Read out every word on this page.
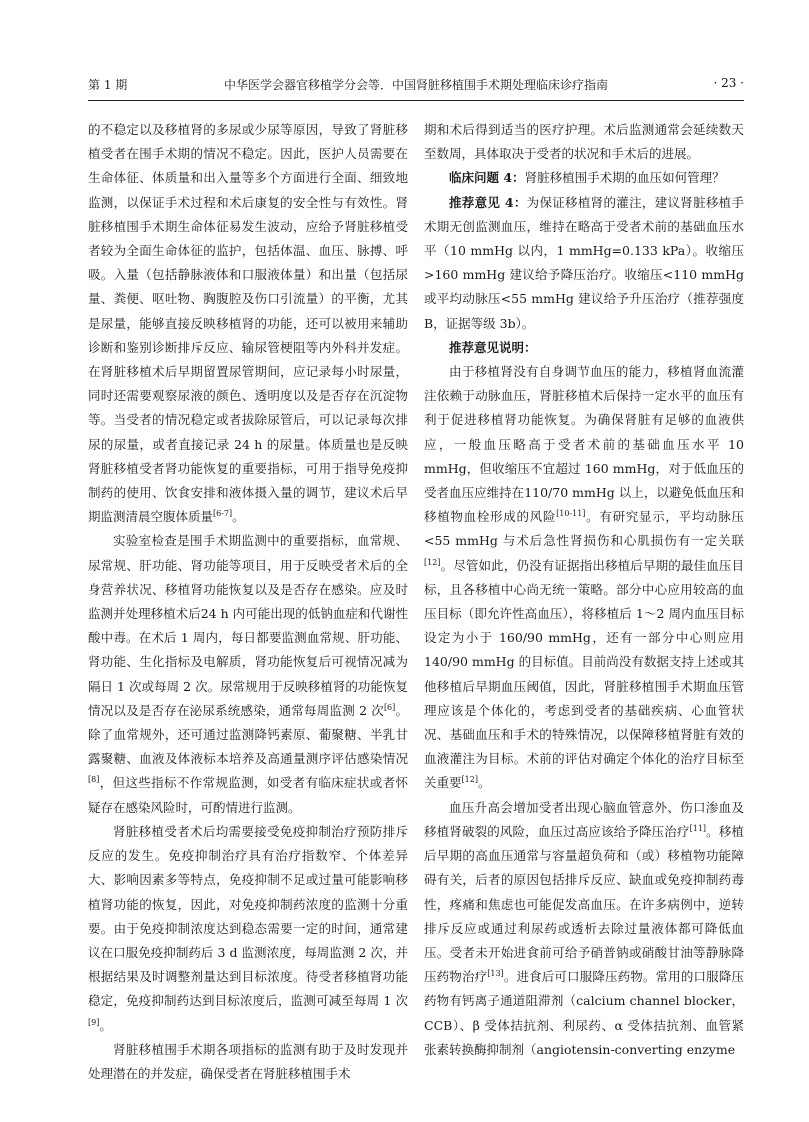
第 1 期	中华医学会器官移植学分会等．中国肾脏移植围手术期处理临床诊疗指南	· 23 ·

的不稳定以及移植肾的多尿或少尿等原因，导致了肾脏移植受者在围手术期的情况不稳定。因此，医护人员需要在生命体征、体质量和出入量等多个方面进行全面、细致地监测，以保证手术过程和术后康复的安全性与有效性。肾脏移植围手术期生命体征易发生波动，应给予肾脏移植受者较为全面生命体征的监护，包括体温、血压、脉搏、呼吸。入量（包括静脉液体和口服液体量）和出量（包括尿量、粪便、呕吐物、胸腹腔及伤口引流量）的平衡，尤其是尿量，能够直接反映移植肾的功能，还可以被用来辅助诊断和鉴别诊断排斥反应、输尿管梗阻等内外科并发症。在肾脏移植术后早期留置尿管期间，应记录每小时尿量，同时还需要观察尿液的颜色、透明度以及是否存在沉淀物等。当受者的情况稳定或者拔除尿管后，可以记录每次排尿的尿量，或者直接记录 24 h 的尿量。体质量也是反映肾脏移植受者肾功能恢复的重要指标，可用于指导免疫抑制药的使用、饮食安排和液体摄入量的调节，建议术后早期监测清晨空腹体质量[6-7]。

实验室检查是围手术期监测中的重要指标，血常规、尿常规、肝功能、肾功能等项目，用于反映受者术后的全身营养状况、移植肾功能恢复以及是否存在感染。应及时监测并处理移植术后24 h 内可能出现的低钠血症和代谢性酸中毒。在术后 1 周内，每日都要监测血常规、肝功能、肾功能、生化指标及电解质，肾功能恢复后可视情况减为隔日 1 次或每周 2 次。尿常规用于反映移植肾的功能恢复情况以及是否存在泌尿系统感染，通常每周监测 2 次[6]。除了血常规外，还可通过监测降钙素原、葡聚糖、半乳甘露聚糖、血液及体液标本培养及高通量测序评估感染情况[8]，但这些指标不作常规监测，如受者有临床症状或者怀疑存在感染风险时，可酌情进行监测。

肾脏移植受者术后均需要接受免疫抑制治疗预防排斥反应的发生。免疫抑制治疗具有治疗指数窄、个体差异大、影响因素多等特点，免疫抑制不足或过量可能影响移植肾功能的恢复，因此，对免疫抑制药浓度的监测十分重要。由于免疫抑制浓度达到稳态需要一定的时间，通常建议在口服免疫抑制药后 3 d 监测浓度，每周监测 2 次，并根据结果及时调整剂量达到目标浓度。待受者移植肾功能稳定，免疫抑制药达到目标浓度后，监测可减至每周 1 次[9]。

肾脏移植围手术期各项指标的监测有助于及时发现并处理潜在的并发症，确保受者在肾脏移植围手术

期和术后得到适当的医疗护理。术后监测通常会延续数天至数周，具体取决于受者的状况和手术后的进展。

临床问题 4：肾脏移植围手术期的血压如何管理？

推荐意见 4：为保证移植肾的灌注，建议肾脏移植手术期无创监测血压，维持在略高于受者术前的基础血压水平（10 mmHg 以内，1 mmHg=0.133 kPa）。收缩压>160 mmHg 建议给予降压治疗。收缩压<110 mmHg 或平均动脉压<55 mmHg 建议给予升压治疗（推荐强度 B，证据等级 3b）。

推荐意见说明：

由于移植肾没有自身调节血压的能力，移植肾血流灌注依赖于动脉血压，肾脏移植术后保持一定水平的血压有利于促进移植肾功能恢复。为确保肾脏有足够的血液供应，一般血压略高于受者术前的基础血压水平 10 mmHg，但收缩压不宜超过 160 mmHg，对于低血压的受者血压应维持在110/70 mmHg 以上，以避免低血压和移植物血栓形成的风险[10-11]。有研究显示，平均动脉压<55 mmHg 与术后急性肾损伤和心肌损伤有一定关联[12]。尽管如此，仍没有证据指出移植后早期的最佳血压目标，且各移植中心尚无统一策略。部分中心应用较高的血压目标（即允许性高血压），将移植后 1～2 周内血压目标设定为小于 160/90 mmHg，还有一部分中心则应用 140/90 mmHg 的目标值。目前尚没有数据支持上述或其他移植后早期血压阈值，因此，肾脏移植围手术期血压管理应该是个体化的，考虑到受者的基础疾病、心血管状况、基础血压和手术的特殊情况，以保障移植肾脏有效的血液灌注为目标。术前的评估对确定个体化的治疗目标至关重要[12]。

血压升高会增加受者出现心脑血管意外、伤口渗血及移植肾破裂的风险，血压过高应该给予降压治疗[11]。移植后早期的高血压通常与容量超负荷和（或）移植物功能障碍有关，后者的原因包括排斥反应、缺血或免疫抑制药毒性，疼痛和焦虑也可能促发高血压。在许多病例中，逆转排斥反应或通过利尿药或透析去除过量液体都可降低血压。受者未开始进食前可给予硝普钠或硝酸甘油等静脉降压药物治疗[13]。进食后可口服降压药物。常用的口服降压药物有钙离子通道阻滞剂（calcium channel blocker，CCB）、β 受体拮抗剂、利尿药、α 受体拮抗剂、血管紧张素转换酶抑制剂（angiotensin-converting enzyme
